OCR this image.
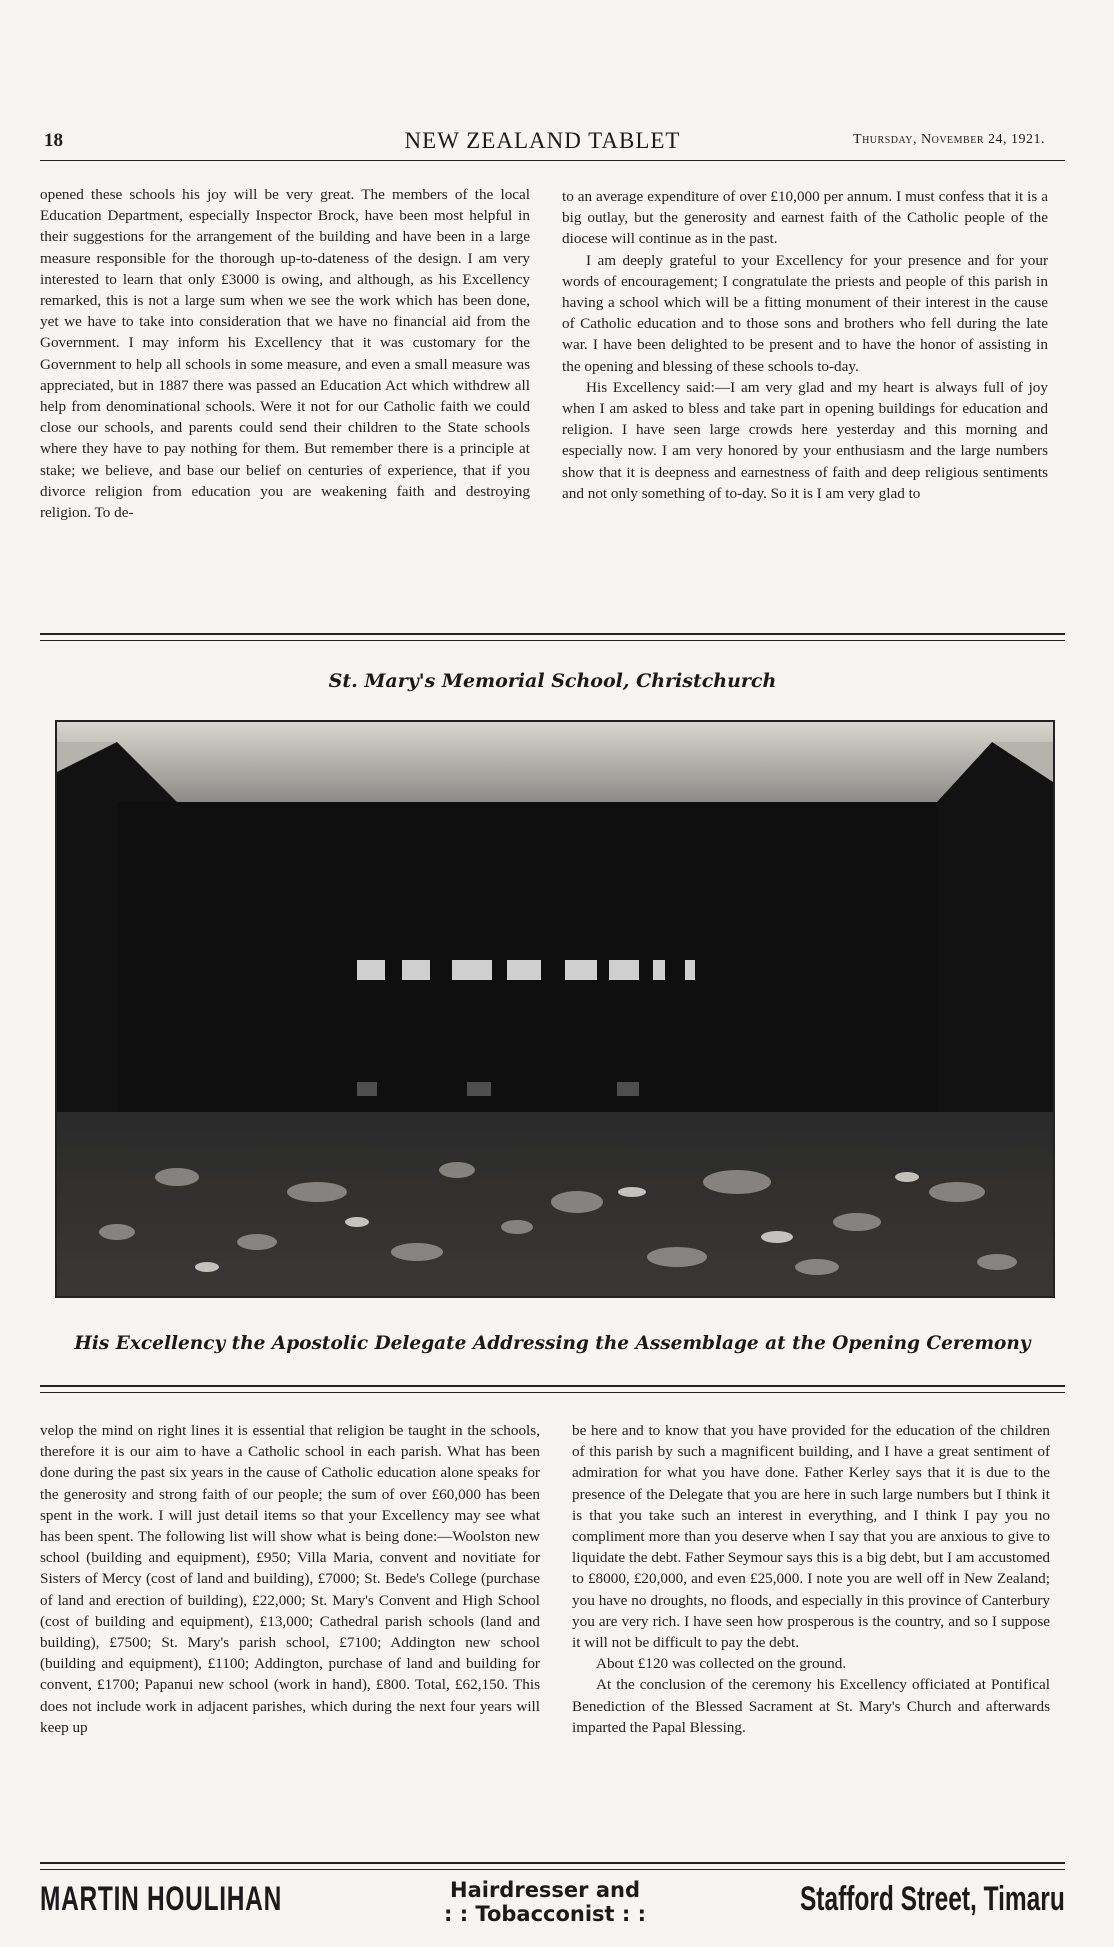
18	NEW ZEALAND TABLET	Thursday, November 24, 1921.

opened these schools his joy will be very great. The members of the local Education Department, especially Inspector Brock, have been most helpful in their suggestions for the arrangement of the building and have been in a large measure responsible for the thorough up-to-dateness of the design. I am very interested to learn that only £3000 is owing, and although, as his Excellency remarked, this is not a large sum when we see the work which has been done, yet we have to take into consideration that we have no financial aid from the Government. I may inform his Excellency that it was customary for the Government to help all schools in some measure, and even a small measure was appreciated, but in 1887 there was passed an Education Act which withdrew all help from denominational schools. Were it not for our Catholic faith we could close our schools, and parents could send their children to the State schools where they have to pay nothing for them. But remember there is a principle at stake; we believe, and base our belief on centuries of experience, that if you divorce religion from education you are weakening faith and destroying religion. To de-

to an average expenditure of over £10,000 per annum. I must confess that it is a big outlay, but the generosity and earnest faith of the Catholic people of the diocese will continue as in the past.

I am deeply grateful to your Excellency for your presence and for your words of encouragement; I congratulate the priests and people of this parish in having a school which will be a fitting monument of their interest in the cause of Catholic education and to those sons and brothers who fell during the late war. I have been delighted to be present and to have the honor of assisting in the opening and blessing of these schools to-day.

His Excellency said:—I am very glad and my heart is always full of joy when I am asked to bless and take part in opening buildings for education and religion. I have seen large crowds here yesterday and this morning and especially now. I am very honored by your enthusiasm and the large numbers show that it is deepness and earnestness of faith and deep religious sentiments and not only something of to-day. So it is I am very glad to

St. Mary's Memorial School, Christchurch
His Excellency the Apostolic Delegate Addressing the Assemblage at the Opening Ceremony

velop the mind on right lines it is essential that religion be taught in the schools, therefore it is our aim to have a Catholic school in each parish. What has been done during the past six years in the cause of Catholic education alone speaks for the generosity and strong faith of our people; the sum of over £60,000 has been spent in the work. I will just detail items so that your Excellency may see what has been spent. The following list will show what is being done:—Woolston new school (building and equipment), £950; Villa Maria, convent and novitiate for Sisters of Mercy (cost of land and building), £7000; St. Bede's College (purchase of land and erection of building), £22,000; St. Mary's Convent and High School (cost of building and equipment), £13,000; Cathedral parish schools (land and building), £7500; St. Mary's parish school, £7100; Addington new school (building and equipment), £1100; Addington, purchase of land and building for convent, £1700; Papanui new school (work in hand), £800. Total, £62,150. This does not include work in adjacent parishes, which during the next four years will keep up

be here and to know that you have provided for the education of the children of this parish by such a magnificent building, and I have a great sentiment of admiration for what you have done. Father Kerley says that it is due to the presence of the Delegate that you are here in such large numbers but I think it is that you take such an interest in everything, and I think I pay you no compliment more than you deserve when I say that you are anxious to give to liquidate the debt. Father Seymour says this is a big debt, but I am accustomed to £8000, £20,000, and even £25,000. I note you are well off in New Zealand; you have no droughts, no floods, and especially in this province of Canterbury you are very rich. I have seen how prosperous is the country, and so I suppose it will not be difficult to pay the debt.

About £120 was collected on the ground.

At the conclusion of the ceremony his Excellency officiated at Pontifical Benediction of the Blessed Sacrament at St. Mary's Church and afterwards imparted the Papal Blessing.

MARTIN HOULIHAN	Hairdresser and
: : Tobacconist : :	Stafford Street, Timaru
